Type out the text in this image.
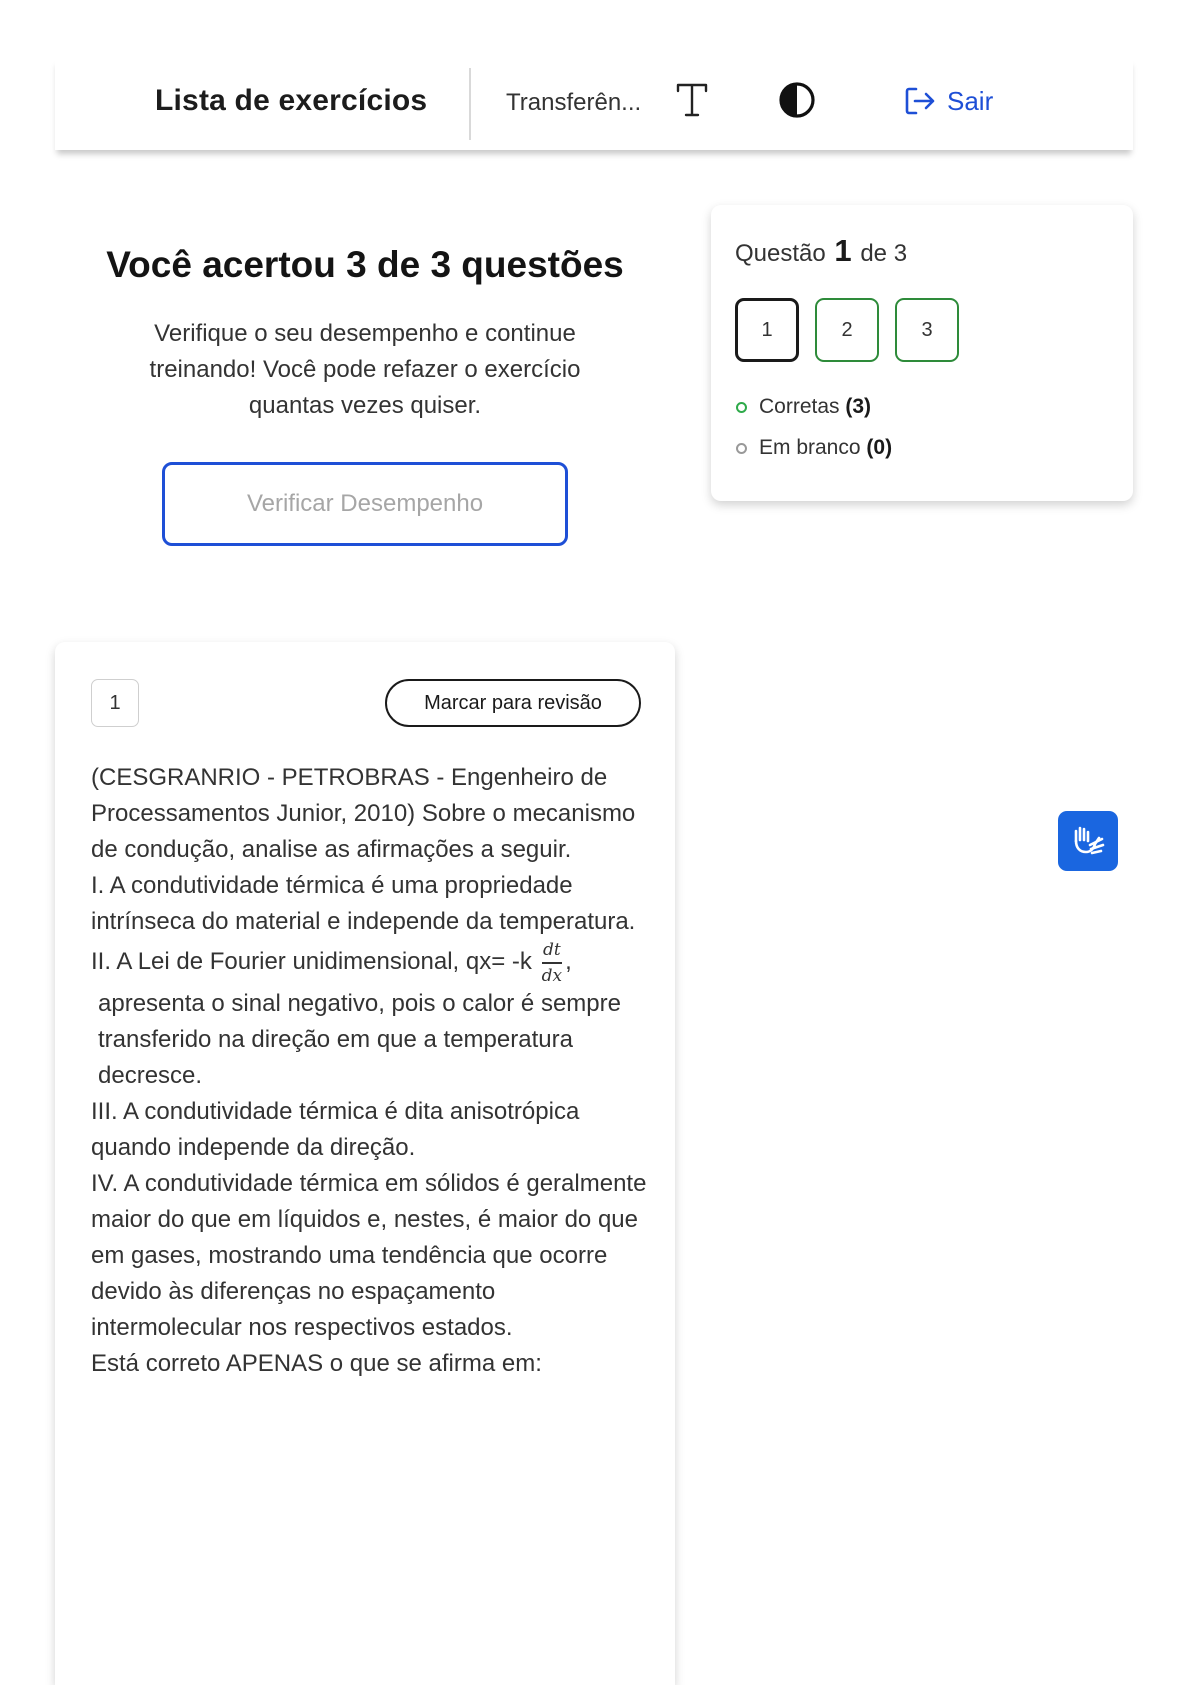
Lista de exercícios	Transferên...	Sair
Você acertou 3 de 3 questões
Verifique o seu desempenho e continue treinando! Você pode refazer o exercício quantas vezes quiser.
Verificar Desempenho
Questão 1 de 3
1	2	3
Corretas (3)
Em branco (0)
1	Marcar para revisão

(CESGRANRIO - PETROBRAS - Engenheiro de Processamentos Junior, 2010) Sobre o mecanismo de condução, analise as afirmações a seguir.

I. A condutividade térmica é uma propriedade intrínseca do material e independe da temperatura.

II. A Lei de Fourier unidimensional, $qx= -k \frac{dt}{dx}$ ,

apresenta o sinal negativo, pois o calor é sempre transferido na direção em que a temperatura decresce.

III. A condutividade térmica é dita anisotrópica quando independe da direção.

IV. A condutividade térmica em sólidos é geralmente maior do que em líquidos e, nestes, é maior do que em gases, mostrando uma tendência que ocorre devido às diferenças no espaçamento intermolecular nos respectivos estados.

Está correto APENAS o que se afirma em:
